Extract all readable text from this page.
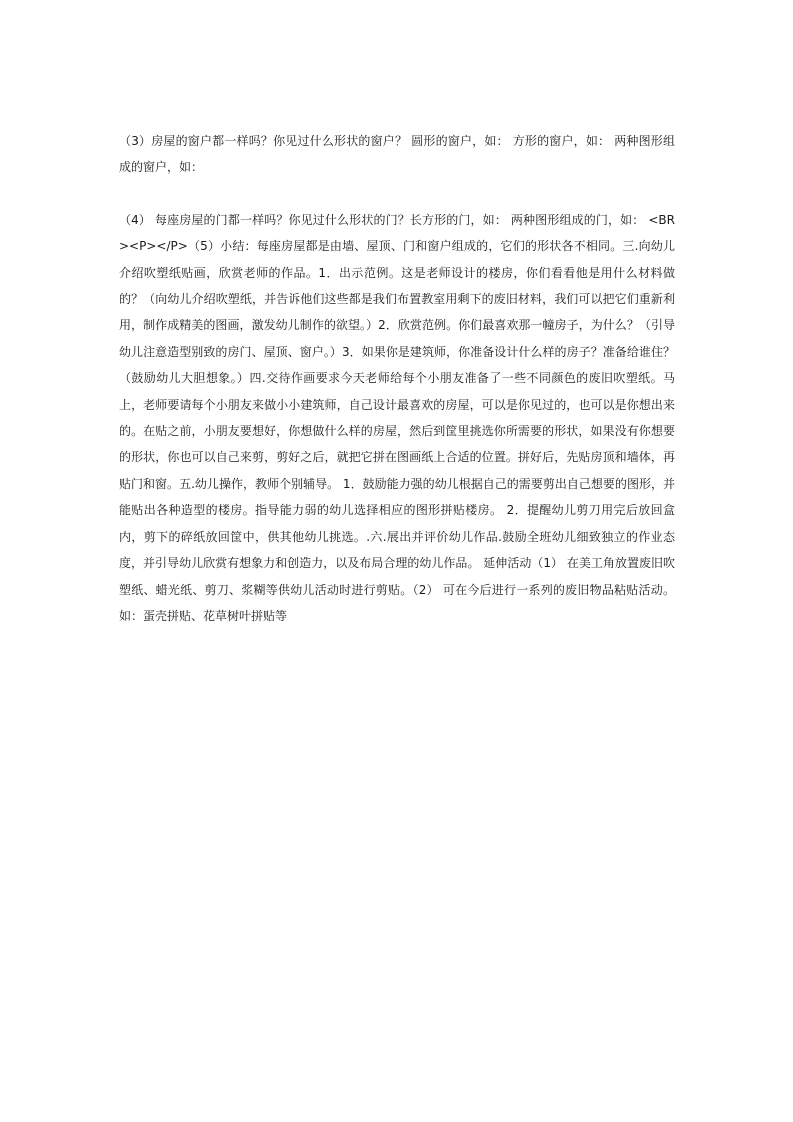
（3）房屋的窗户都一样吗？你见过什么形状的窗户？ 圆形的窗户，如： 方形的窗户，如： 两种图形组成的窗户，如：

（4） 每座房屋的门都一样吗？你见过什么形状的门？长方形的门，如： 两种图形组成的门，如： <BR><P></P>（5）小结：每座房屋都是由墙、屋顶、门和窗户组成的，它们的形状各不相同。三.向幼儿介绍吹塑纸贴画，欣赏老师的作品。1．出示范例。这是老师设计的楼房，你们看看他是用什么材料做的？（向幼儿介绍吹塑纸，并告诉他们这些都是我们布置教室用剩下的废旧材料，我们可以把它们重新利用，制作成精美的图画，激发幼儿制作的欲望。）2．欣赏范例。你们最喜欢那一幢房子，为什么？（引导幼儿注意造型别致的房门、屋顶、窗户。）3．如果你是建筑师，你准备设计什么样的房子？准备给谁住？（鼓励幼儿大胆想象。）四.交待作画要求今天老师给每个小朋友准备了一些不同颜色的废旧吹塑纸。马上，老师要请每个小朋友来做小小建筑师，自己设计最喜欢的房屋，可以是你见过的，也可以是你想出来的。在贴之前，小朋友要想好，你想做什么样的房屋，然后到筐里挑选你所需要的形状，如果没有你想要的形状，你也可以自己来剪，剪好之后，就把它拼在图画纸上合适的位置。拼好后，先贴房顶和墙体，再贴门和窗。五.幼儿操作，教师个别辅导。 1．鼓励能力强的幼儿根据自己的需要剪出自己想要的图形，并能贴出各种造型的楼房。指导能力弱的幼儿选择相应的图形拼贴楼房。 2．提醒幼儿剪刀用完后放回盒内，剪下的碎纸放回筐中，供其他幼儿挑选。.六.展出并评价幼儿作品.鼓励全班幼儿细致独立的作业态度，并引导幼儿欣赏有想象力和创造力，以及布局合理的幼儿作品。 延伸活动（1） 在美工角放置废旧吹塑纸、蜡光纸、剪刀、浆糊等供幼儿活动时进行剪贴。（2） 可在今后进行一系列的废旧物品粘贴活动。如：蛋壳拼贴、花草树叶拼贴等
